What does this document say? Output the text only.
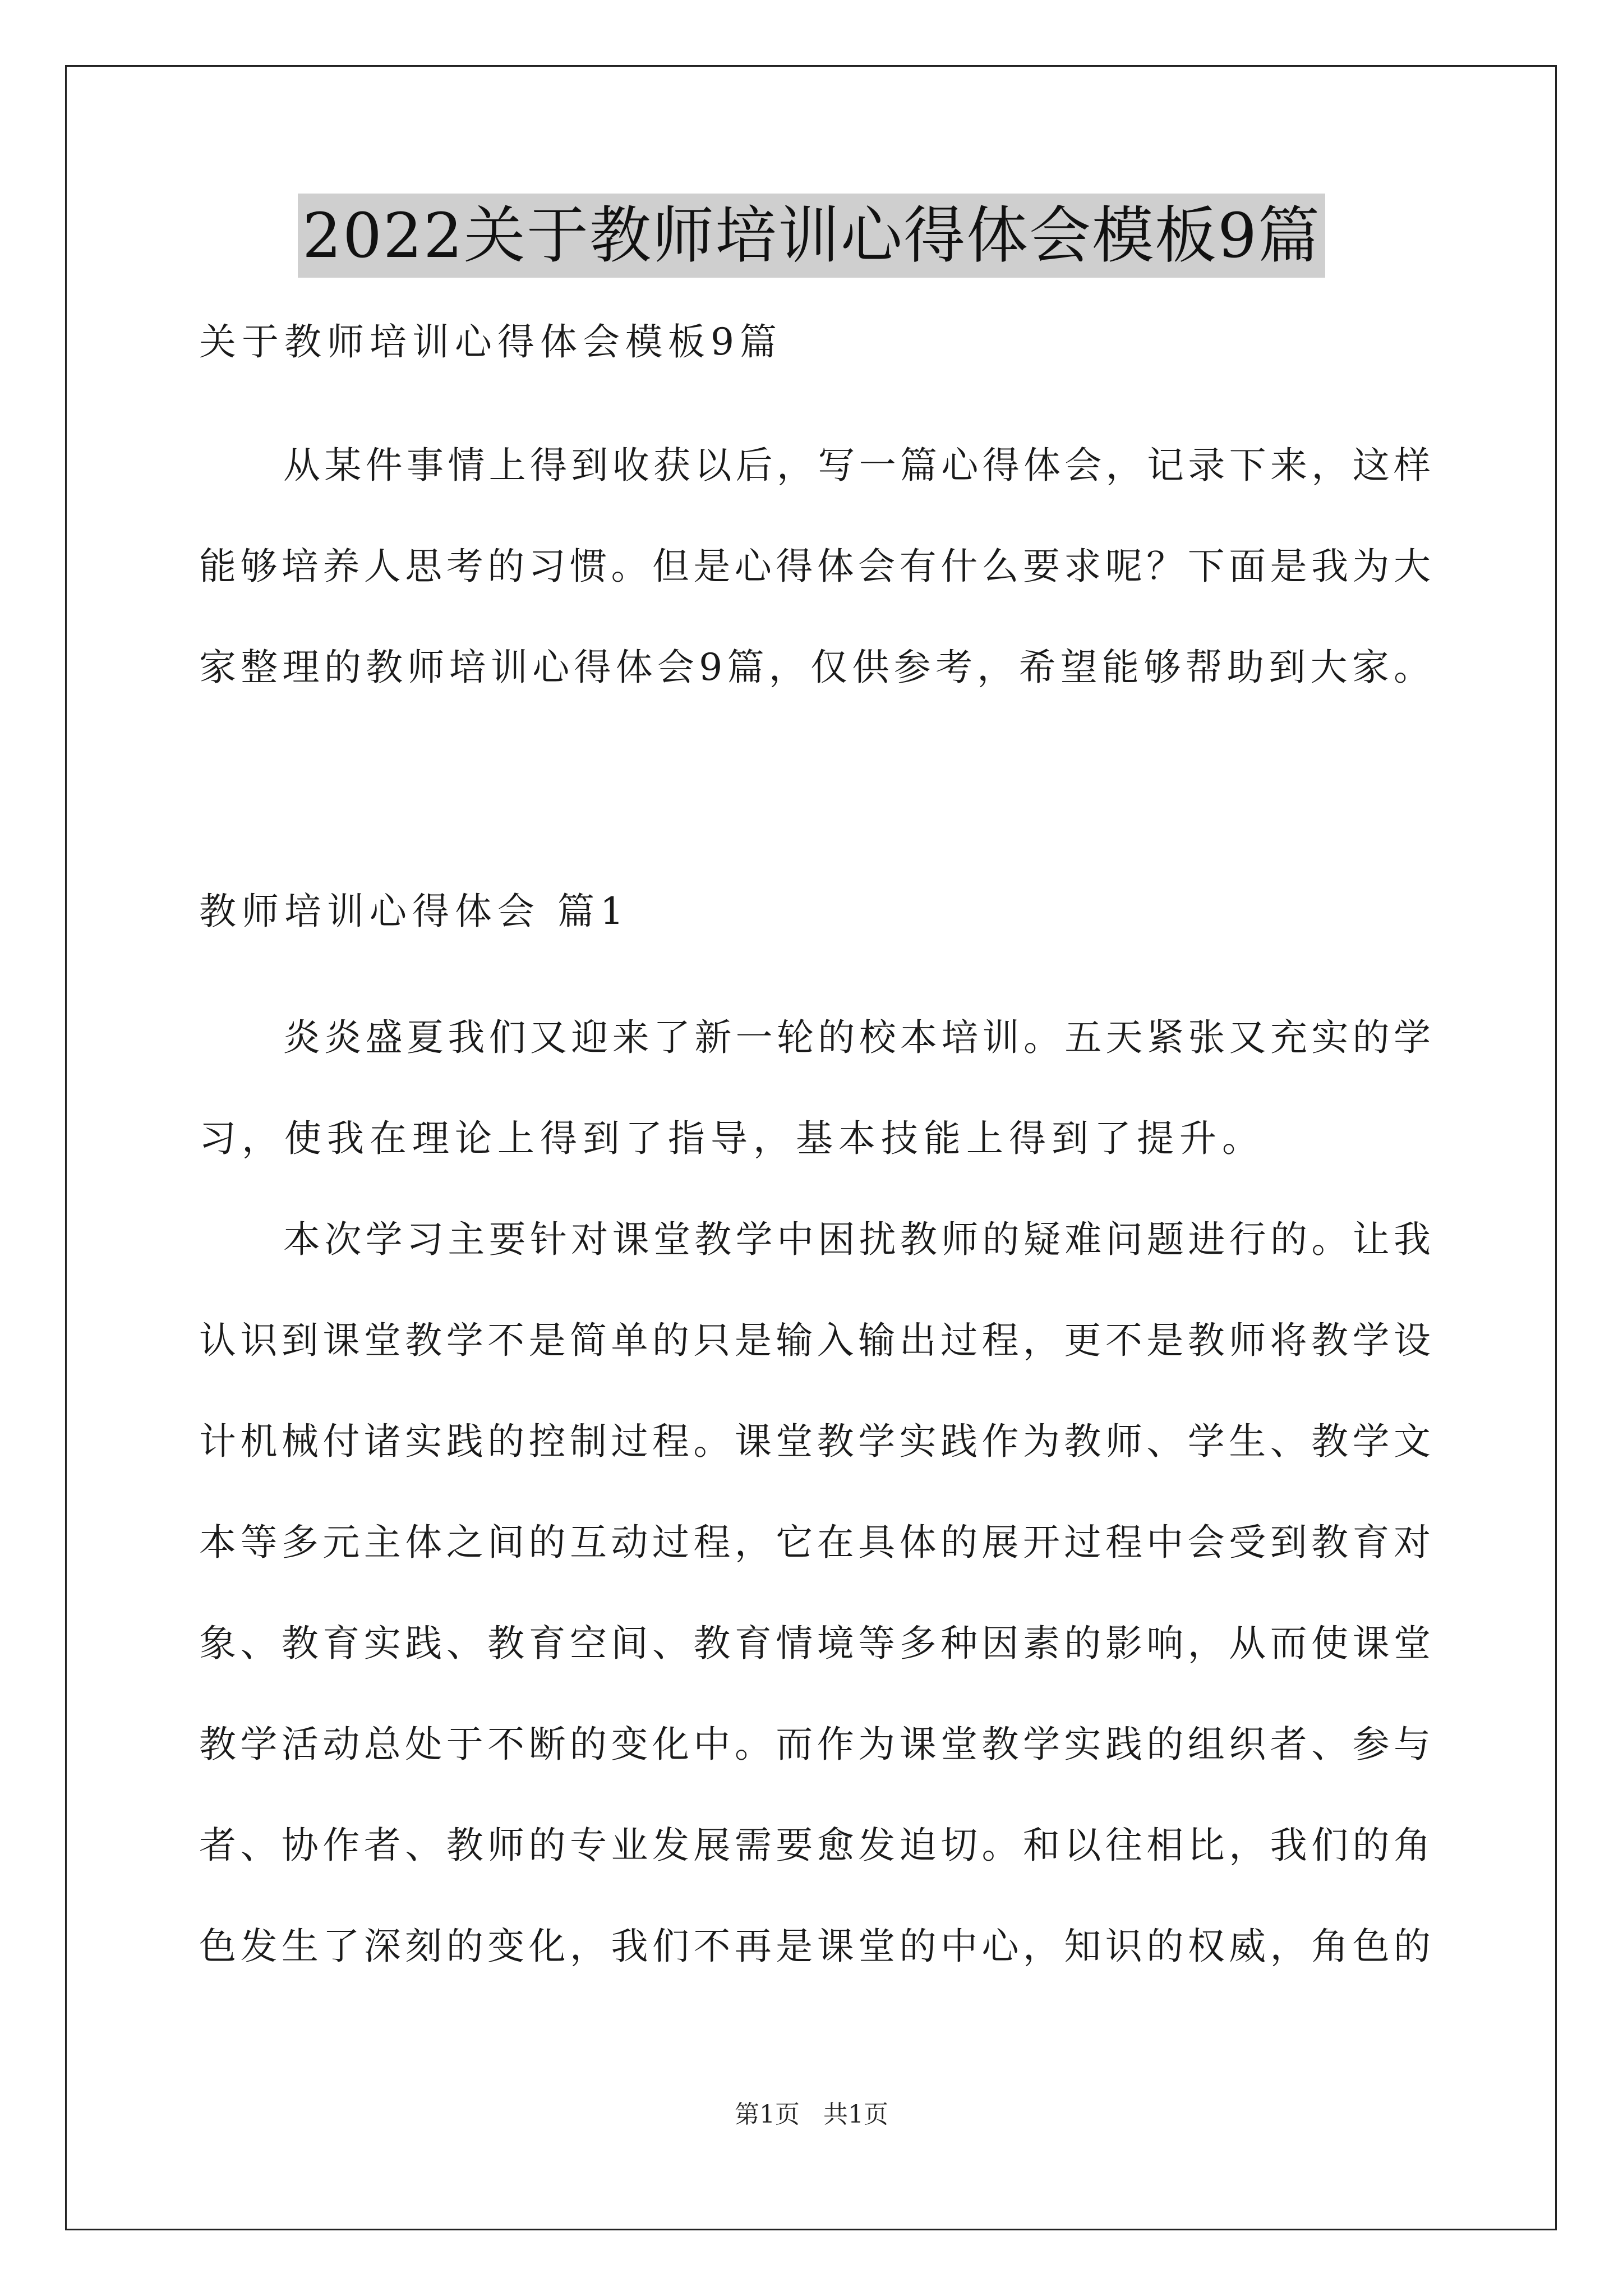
2022关于教师培训心得体会模板9篇
关于教师培训心得体会模板9篇
从某件事情上得到收获以后，写一篇心得体会，记录下来，这样
能够培养人思考的习惯。但是心得体会有什么要求呢？下面是我为大
家整理的教师培训心得体会9篇，仅供参考，希望能够帮助到大家。
教师培训心得体会 篇1
炎炎盛夏我们又迎来了新一轮的校本培训。五天紧张又充实的学
习，使我在理论上得到了指导，基本技能上得到了提升。
本次学习主要针对课堂教学中困扰教师的疑难问题进行的。让我
认识到课堂教学不是简单的只是输入输出过程，更不是教师将教学设
计机械付诸实践的控制过程。课堂教学实践作为教师、学生、教学文
本等多元主体之间的互动过程，它在具体的展开过程中会受到教育对
象、教育实践、教育空间、教育情境等多种因素的影响，从而使课堂
教学活动总处于不断的变化中。而作为课堂教学实践的组织者、参与
者、协作者、教师的专业发展需要愈发迫切。和以往相比，我们的角
色发生了深刻的变化，我们不再是课堂的中心，知识的权威，角色的
第1页 共1页
